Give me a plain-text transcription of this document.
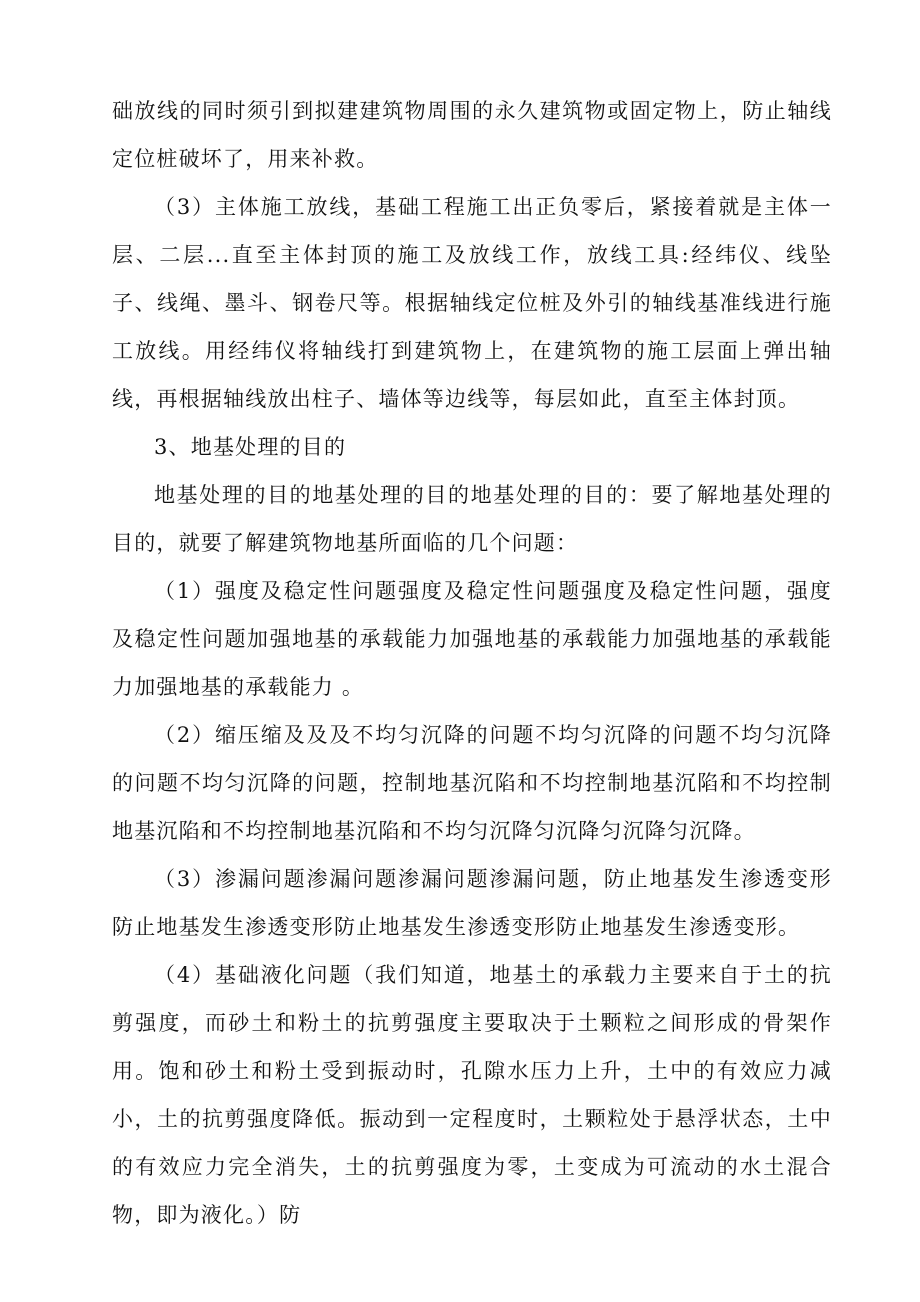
础放线的同时须引到拟建建筑物周围的永久建筑物或固定物上，防止轴线定位桩破坏了，用来补救。

（3）主体施工放线，基础工程施工出正负零后，紧接着就是主体一层、二层...直至主体封顶的施工及放线工作，放线工具:经纬仪、线坠子、线绳、墨斗、钢卷尺等。根据轴线定位桩及外引的轴线基准线进行施工放线。用经纬仪将轴线打到建筑物上，在建筑物的施工层面上弹出轴线，再根据轴线放出柱子、墙体等边线等，每层如此，直至主体封顶。

3、地基处理的目的

地基处理的目的地基处理的目的地基处理的目的：要了解地基处理的目的，就要了解建筑物地基所面临的几个问题：

（1）强度及稳定性问题强度及稳定性问题强度及稳定性问题，强度及稳定性问题加强地基的承载能力加强地基的承载能力加强地基的承载能力加强地基的承载能力 。

（2）缩压缩及及及不均匀沉降的问题不均匀沉降的问题不均匀沉降的问题不均匀沉降的问题，控制地基沉陷和不均控制地基沉陷和不均控制地基沉陷和不均控制地基沉陷和不均匀沉降匀沉降匀沉降匀沉降。

（3）渗漏问题渗漏问题渗漏问题渗漏问题，防止地基发生渗透变形防止地基发生渗透变形防止地基发生渗透变形防止地基发生渗透变形。

（4）基础液化问题（我们知道，地基土的承载力主要来自于土的抗剪强度，而砂土和粉土的抗剪强度主要取决于土颗粒之间形成的骨架作用。饱和砂土和粉土受到振动时，孔隙水压力上升，土中的有效应力减小，土的抗剪强度降低。振动到一定程度时，土颗粒处于悬浮状态，土中的有效应力完全消失，土的抗剪强度为零，土变成为可流动的水土混合物，即为液化。）防
